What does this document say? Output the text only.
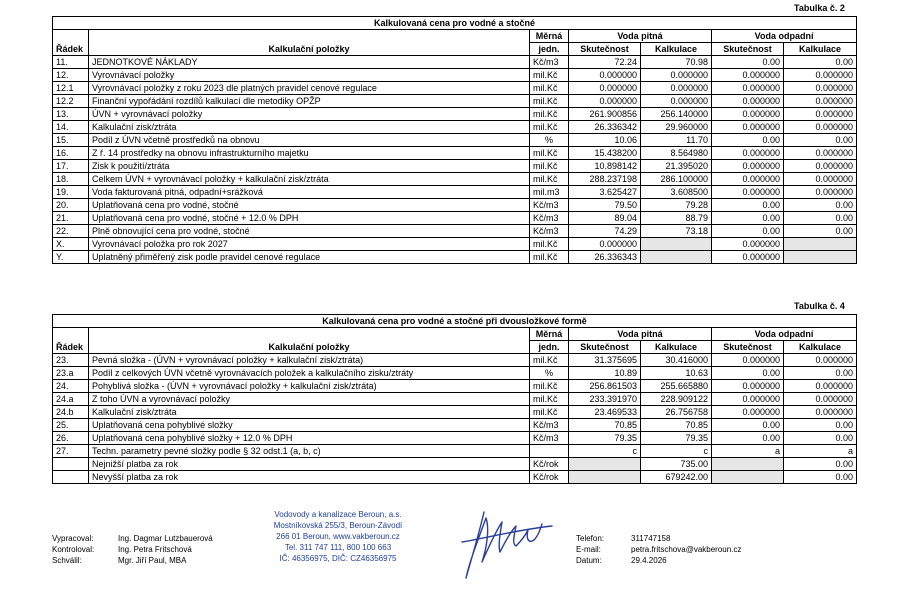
Tabulka č. 2
Kalkulovaná cena pro vodné a stočné						
Řádek	Kalkulační položky	Měrná	Voda pitná		Voda odpadní	
		jedn.	Skutečnost	Kalkulace	Skutečnost	Kalkulace
11.	JEDNOTKOVÉ NÁKLADY	Kč/m3	72.24	70.98	0.00	0.00
12.	Vyrovnávací položky	mil.Kč	0.000000	0.000000	0.000000	0.000000
12.1	Vyrovnávací položky z roku 2023 dle platných pravidel cenové regulace	mil.Kč	0.000000	0.000000	0.000000	0.000000
12.2	Finanční vypořádání rozdílů kalkulací dle metodiky OPŽP	mil.Kč	0.000000	0.000000	0.000000	0.000000
13.	ÚVN + vyrovnávací položky	mil.Kč	261.900856	256.140000	0.000000	0.000000
14.	Kalkulační zisk/ztráta	mil.Kč	26.336342	29.960000	0.000000	0.000000
15.	Podíl z ÚVN včetně prostředků na obnovu	%	10.06	11.70	0.00	0.00
16.	Z ř. 14 prostředky na obnovu infrastrukturního majetku	mil.Kč	15.438200	8.564980	0.000000	0.000000
17.	Zisk k použití/ztráta	mil.Kč	10.898142	21.395020	0.000000	0.000000
18.	Celkem ÚVN + vyrovnávací položky + kalkulační zisk/ztráta	mil.Kč	288.237198	286.100000	0.000000	0.000000
19.	Voda fakturovaná pitná, odpadní+srážková	mil.m3	3.625427	3.608500	0.000000	0.000000
20.	Uplatňovaná cena pro vodné, stočné	Kč/m3	79.50	79.28	0.00	0.00
21.	Uplatňovaná cena pro vodné, stočné + 12.0 % DPH	Kč/m3	89.04	88.79	0.00	0.00
22.	Plně obnovující cena pro vodné, stočné	Kč/m3	74.29	73.18	0.00	0.00
X.	Vyrovnávací položka pro rok 2027	mil.Kč	0.000000		0.000000	
Y.	Uplatněný přiměřený zisk podle pravidel cenové regulace	mil.Kč	26.336343		0.000000	
Tabulka č. 4
Kalkulovaná cena pro vodné a stočné při dvousložkové formě						
Řádek	Kalkulační položky	Měrná	Voda pitná		Voda odpadní	
		jedn.	Skutečnost	Kalkulace	Skutečnost	Kalkulace
23.	Pevná složka - (ÚVN + vyrovnávací položky + kalkulační zisk/ztráta)	mil.Kč	31.375695	30.416000	0.000000	0.000000
23.a	Podíl z celkových ÚVN včetně vyrovnávacích položek a kalkulačního zisku/ztráty	%	10.89	10.63	0.00	0.00
24.	Pohyblivá složka - (ÚVN + vyrovnávací položky + kalkulační zisk/ztráta)	mil.Kč	256.861503	255.665880	0.000000	0.000000
24.a	Z toho ÚVN a vyrovnávací položky	mil.Kč	233.391970	228.909122	0.000000	0.000000
24.b	Kalkulační zisk/ztráta	mil.Kč	23.469533	26.756758	0.000000	0.000000
25.	Uplatňovaná cena pohyblivé složky	Kč/m3	70.85	70.85	0.00	0.00
26.	Uplatňovaná cena pohyblivé složky + 12.0 % DPH	Kč/m3	79.35	79.35	0.00	0.00
27.	Techn. parametry pevné složky podle § 32 odst.1 (a, b, c)		c	c	a	a
	Nejnižší platba za rok	Kč/rok		735.00		0.00
	Nevyšší platba za rok	Kč/rok		679242.00		0.00
Vypracoval:	Ing. Dagmar Lutzbauerová
Kontroloval:	Ing. Petra Fritschová
Schválil:	Mgr. Jiří Paul, MBA
Vodovody a kanalizace Beroun, a.s.
Mostníkovská 255/3, Beroun-Závodí
266 01 Beroun, www.vakberoun.cz
Tel. 311 747 111, 800 100 663
IČ: 46356975, DIČ: CZ46356975
Telefon:	311747158
E-mail:	petra.fritschova@vakberoun.cz
Datum:	29.4.2026
